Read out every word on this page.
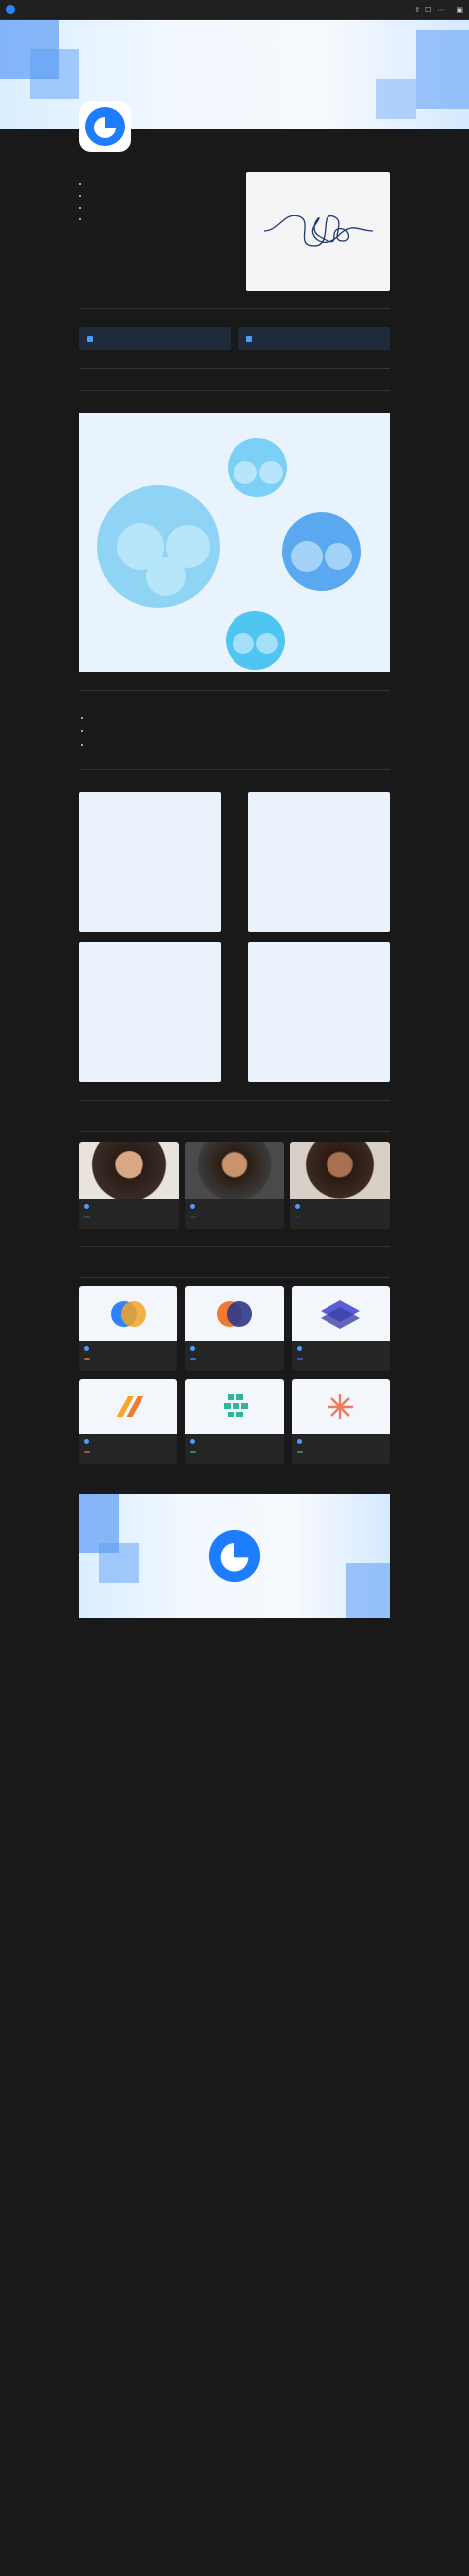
⇪ ☐ ⋯ ▣
•
•
•
•

•
•
•
